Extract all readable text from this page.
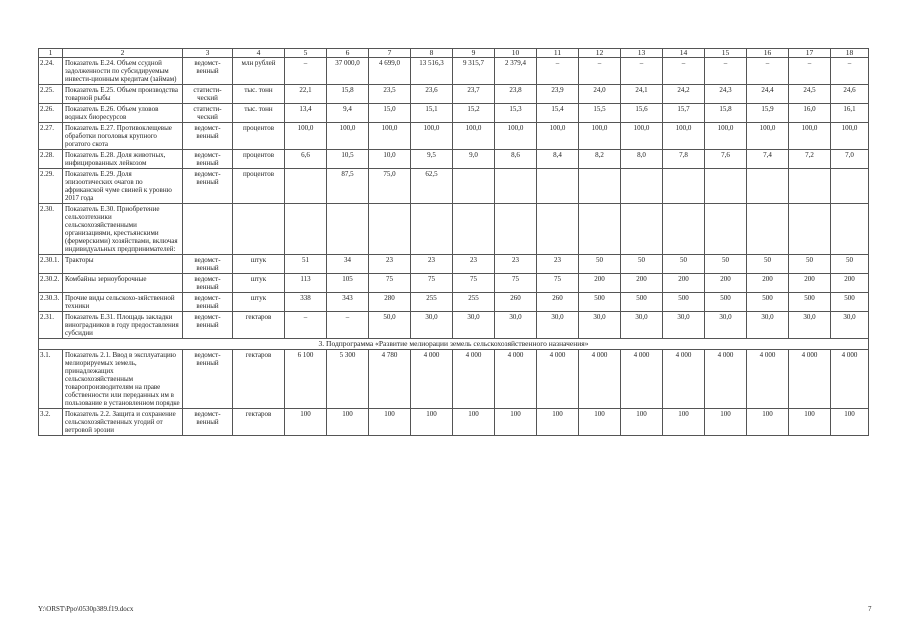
1	2	3	4	5	6	7	8	9	10	11	12	13	14	15	16	17	18
2.24.	Показатель Е.24. Объем ссудной задолженности по субсидируемым инвести-ционным кредитам (займам)	ведомст-венный	млн рублей	–	37 000,0	4 699,0	13 516,3	9 315,7	2 379,4	–	–	–	–	–	–	–	–
2.25.	Показатель Е.25. Объем производства товарной рыбы	статисти-ческий	тыс. тонн	22,1	15,8	23,5	23,6	23,7	23,8	23,9	24,0	24,1	24,2	24,3	24,4	24,5	24,6
2.26.	Показатель Е.26. Объем уловов водных биоресурсов	статисти-ческий	тыс. тонн	13,4	9,4	15,0	15,1	15,2	15,3	15,4	15,5	15,6	15,7	15,8	15,9	16,0	16,1
2.27.	Показатель Е.27. Противоклещевые обработки поголовья крупного рогатого скота	ведомст-венный	процентов	100,0	100,0	100,0	100,0	100,0	100,0	100,0	100,0	100,0	100,0	100,0	100,0	100,0	100,0
2.28.	Показатель Е.28. Доля животных, инфицированных лейкозом	ведомст-венный	процентов	6,6	10,5	10,0	9,5	9,0	8,6	8,4	8,2	8,0	7,8	7,6	7,4	7,2	7,0
2.29.	Показатель Е.29. Доля эпизоотических очагов по африканской чуме свиней к уровню 2017 года	ведомст-венный	процентов		87,5	75,0	62,5										
2.30.	Показатель Е.30. Приобретение сельхозтехники сельскохозяйственными организациями, крестьянскими (фермерскими) хозяйствами, включая индивидуальных предпринимателей:																
2.30.1.	Тракторы	ведомст-венный	штук	51	34	23	23	23	23	23	50	50	50	50	50	50	50
2.30.2.	Комбайны зерноуборочные	ведомст-венный	штук	113	105	75	75	75	75	75	200	200	200	200	200	200	200
2.30.3.	Прочие виды сельскохо-зяйственной техники	ведомст-венный	штук	338	343	280	255	255	260	260	500	500	500	500	500	500	500
2.31.	Показатель Е.31. Площадь закладки виноградников в году предоставления субсидии	ведомст-венный	гектаров	–	–	50,0	30,0	30,0	30,0	30,0	30,0	30,0	30,0	30,0	30,0	30,0	30,0
3. Подпрограмма «Развитие мелиорации земель сельскохозяйственного назначения»																	
3.1.	Показатель 2.1. Ввод в эксплуатацию мелиорируемых земель, принадлежащих сельскохозяйственным товаропроизводителям на праве собственности или переданных им в пользование в установленном порядке	ведомст-венный	гектаров	6 100	5 300	4 780	4 000	4 000	4 000	4 000	4 000	4 000	4 000	4 000	4 000	4 000	4 000
3.2.	Показатель 2.2. Защита и сохранение сельскохозяйственных угодий от ветровой эрозии	ведомст-венный	гектаров	100	100	100	100	100	100	100	100	100	100	100	100	100	100
Y:\ORST\Ppo\0530p389.f19.docx	7
